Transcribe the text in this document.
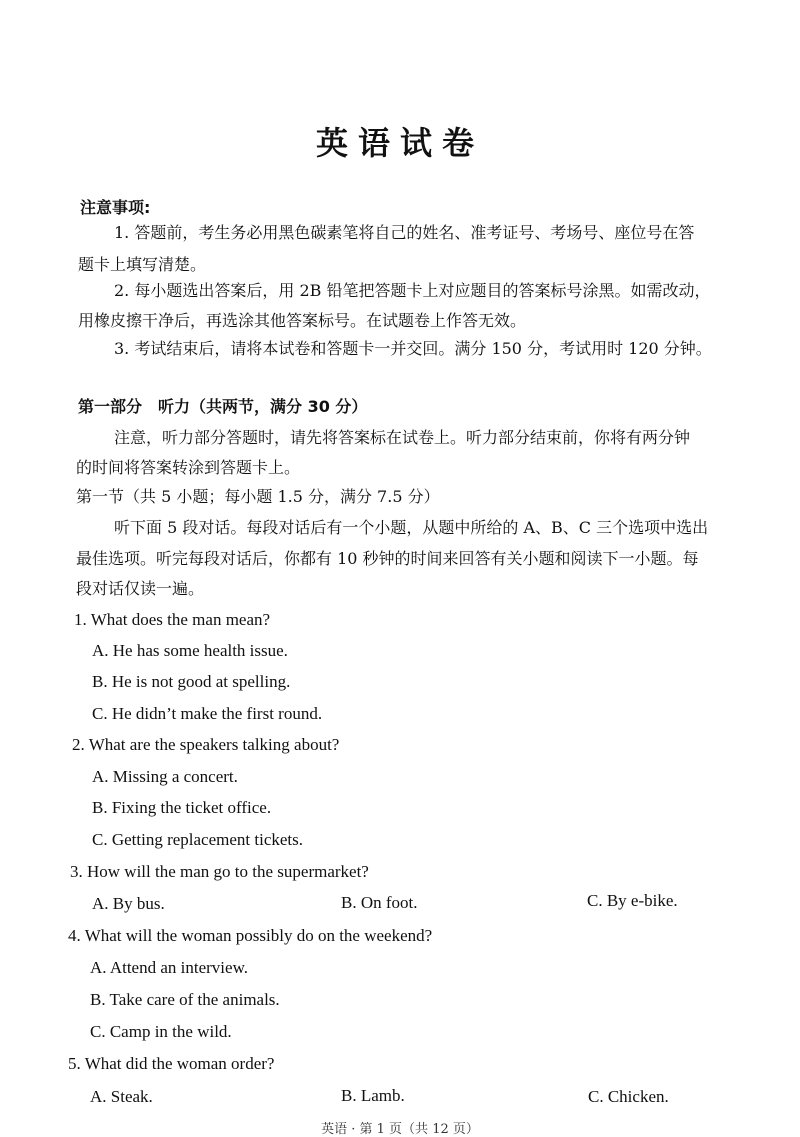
英语试卷
注意事项:
1. 答题前，考生务必用黑色碳素笔将自己的姓名、准考证号、考场号、座位号在答
题卡上填写清楚。
2. 每小题选出答案后，用 2B 铅笔把答题卡上对应题目的答案标号涂黑。如需改动，
用橡皮擦干净后，再选涂其他答案标号。在试题卷上作答无效。
3. 考试结束后，请将本试卷和答题卡一并交回。满分 150 分，考试用时 120 分钟。
第一部分　听力（共两节，满分 30 分）
注意，听力部分答题时，请先将答案标在试卷上。听力部分结束前，你将有两分钟
的时间将答案转涂到答题卡上。
第一节（共 5 小题；每小题 1.5 分，满分 7.5 分）
听下面 5 段对话。每段对话后有一个小题，从题中所给的 A、B、C 三个选项中选出
最佳选项。听完每段对话后，你都有 10 秒钟的时间来回答有关小题和阅读下一小题。每
段对话仅读一遍。
1. What does the man mean?
A. He has some health issue.
B. He is not good at spelling.
C. He didn’t make the first round.
2. What are the speakers talking about?
A. Missing a concert.
B. Fixing the ticket office.
C. Getting replacement tickets.
3. How will the man go to the supermarket?
A. By bus.	B. On foot.	C. By e-bike.
4. What will the woman possibly do on the weekend?
A. Attend an interview.
B. Take care of the animals.
C. Camp in the wild.
5. What did the woman order?
A. Steak.	B. Lamb.	C. Chicken.
英语 · 第 1 页（共 12 页）
